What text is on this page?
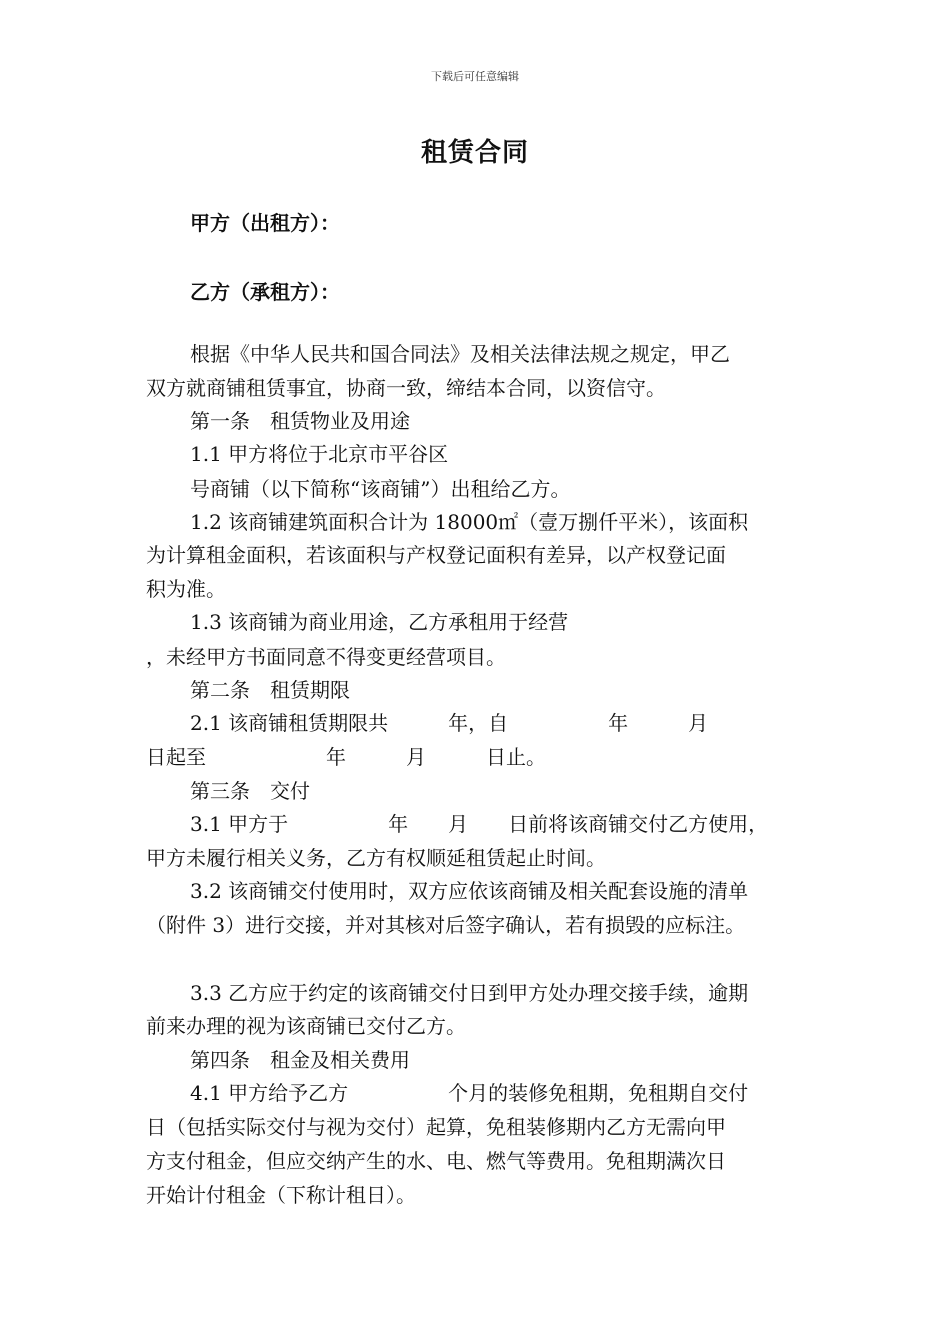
下载后可任意编辑
租赁合同
甲方（出租方）：
乙方（承租方）：
根据《中华人民共和国合同法》及相关法律法规之规定，甲乙
双方就商铺租赁事宜，协商一致，缔结本合同，以资信守。
第一条　租赁物业及用途
1.1 甲方将位于北京市平谷区
号商铺（以下简称“该商铺”）出租给乙方。
1.2 该商铺建筑面积合计为 18000㎡（壹万捌仟平米），该面积
为计算租金面积，若该面积与产权登记面积有差异，以产权登记面
积为准。
1.3 该商铺为商业用途，乙方承租用于经营
，未经甲方书面同意不得变更经营项目。
第二条　租赁期限
2.1 该商铺租赁期限共　　　年，自　　　　　年　　　月
日起至　　　　　　年　　　月　　　日止。
第三条　交付
3.1 甲方于　　　　　年　　月　　日前将该商铺交付乙方使用，
甲方未履行相关义务，乙方有权顺延租赁起止时间。
3.2 该商铺交付使用时，双方应依该商铺及相关配套设施的清单
（附件 3）进行交接，并对其核对后签字确认，若有损毁的应标注。
3.3 乙方应于约定的该商铺交付日到甲方处办理交接手续，逾期
前来办理的视为该商铺已交付乙方。
第四条　租金及相关费用
4.1 甲方给予乙方　　　　　个月的装修免租期，免租期自交付
日（包括实际交付与视为交付）起算，免租装修期内乙方无需向甲
方支付租金，但应交纳产生的水、电、燃气等费用。免租期满次日
开始计付租金（下称计租日）。
